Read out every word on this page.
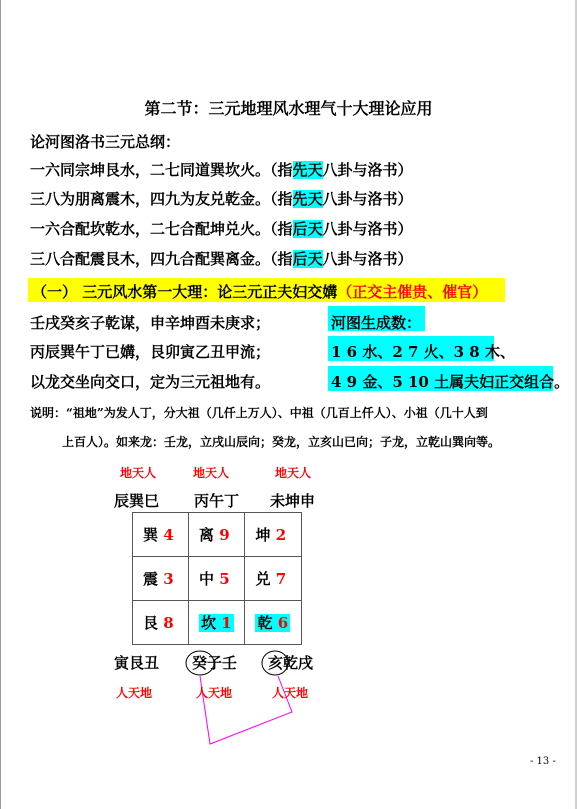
第二节：三元地理风水理气十大理论应用
论河图洛书三元总纲：
一六同宗坤艮水，二七同道巽坎火。（指先天八卦与洛书）
三八为朋离震木，四九为友兑乾金。（指先天八卦与洛书）
一六合配坎乾水，二七合配坤兑火。（指后天八卦与洛书）
三八合配震艮木，四九合配巽离金。（指后天八卦与洛书）
（一） 三元风水第一大理：论三元正夫妇交媾（正交主催贵、催官）
壬戌癸亥子乾谋，申辛坤酉未庚求；
丙辰巽午丁已媾，艮卯寅乙丑甲流；
以龙交坐向交口，定为三元祖地有。
河图生成数：
1 6 水、2 7 火、3 8 木、
4 9 金、5 10 土属夫妇正交组合。
说明：“祖地”为发人丁，分大祖（几仟上万人）、中祖（几百上仟人）、小祖（几十人到
上百人）。如来龙：壬龙，立戌山辰向；癸龙，立亥山已向；子龙，立乾山巽向等。
地天人	地天人	地天人
辰巽巳 丙午丁 未坤申
巽 4	离 9	坤 2
震 3	中 5	兑 7
艮 8	坎 1	乾 6
寅艮丑 癸子壬 亥乾戌
人天地	人天地	人天地
- 13 -
